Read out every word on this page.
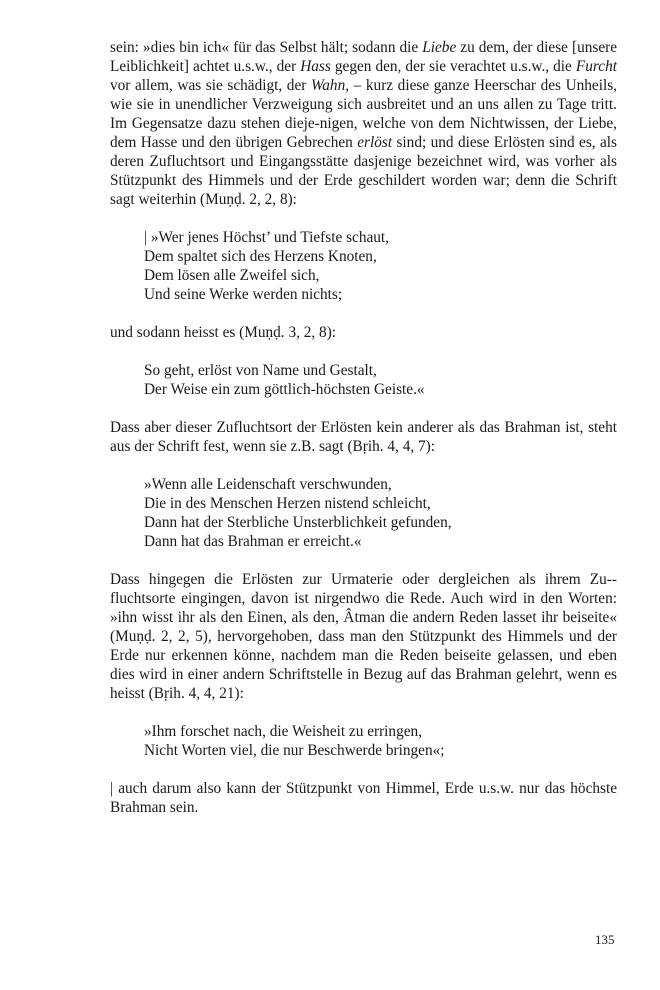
sein: »dies bin ich« für das Selbst hält; sodann die Liebe zu dem, der diese [unsere Leiblichkeit] achtet u.s.w., der Hass gegen den, der sie verachtet u.s.w., die Furcht vor allem, was sie schädigt, der Wahn, – kurz diese ganze Heerschar des Unheils, wie sie in unendlicher Verzweigung sich ausbreitet und an uns allen zu Tage tritt. Im Gegensatze dazu stehen dieje-nigen, welche von dem Nichtwissen, der Liebe, dem Hasse und den übrigen Gebrechen erlöst sind; und diese Erlösten sind es, als deren Zufluchtsort und Eingangsstätte dasjenige bezeichnet wird, was vorher als Stützpunkt des Himmels und der Erde geschildert worden war; denn die Schrift sagt weiterhin (Muṇḍ. 2, 2, 8):

| »Wer jenes Höchst’ und Tiefste schaut,
Dem spaltet sich des Herzens Knoten,
Dem lösen alle Zweifel sich,
Und seine Werke werden nichts;

und sodann heisst es (Muṇḍ. 3, 2, 8):

So geht, erlöst von Name und Gestalt,
Der Weise ein zum göttlich-höchsten Geiste.«

Dass aber dieser Zufluchtsort der Erlösten kein anderer als das Brahman ist, steht aus der Schrift fest, wenn sie z.B. sagt (Bṛih. 4, 4, 7):

»Wenn alle Leidenschaft verschwunden,
Die in des Menschen Herzen nistend schleicht,
Dann hat der Sterbliche Unsterblichkeit gefunden,
Dann hat das Brahman er erreicht.«

Dass hingegen die Erlösten zur Urmaterie oder dergleichen als ihrem Zu-fluchtsorte eingingen, davon ist nirgendwo die Rede. Auch wird in den Worten: »ihn wisst ihr als den Einen, als den, Âtman die andern Reden lasset ihr beiseite« (Muṇḍ. 2, 2, 5), hervorgehoben, dass man den Stützpunkt des Himmels und der Erde nur erkennen könne, nachdem man die Reden beiseite gelassen, und eben dies wird in einer andern Schriftstelle in Bezug auf das Brahman gelehrt, wenn es heisst (Bṛih. 4, 4, 21):

»Ihm forschet nach, die Weisheit zu erringen,
Nicht Worten viel, die nur Beschwerde bringen«;

| auch darum also kann der Stützpunkt von Himmel, Erde u.s.w. nur das höchste Brahman sein.

135
